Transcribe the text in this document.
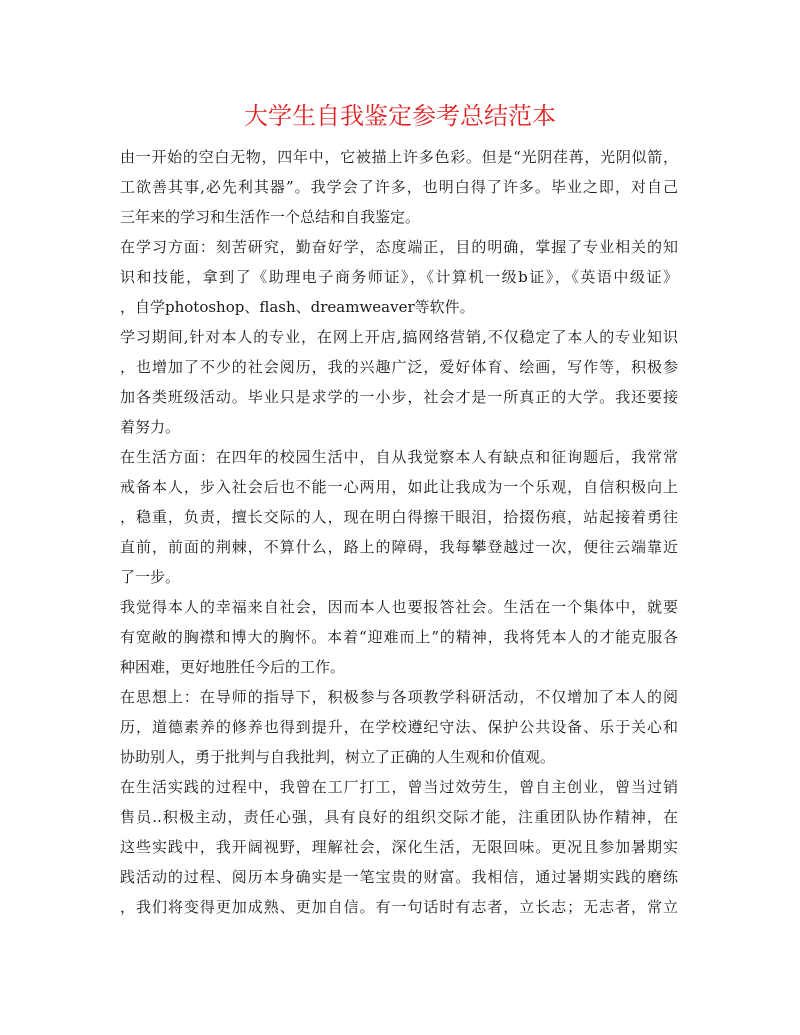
大学生自我鉴定参考总结范本
由一开始的空白无物，四年中，它被描上许多色彩。但是“光阴荏苒，光阴似箭，
工欲善其事,必先利其器”。我学会了许多，也明白得了许多。毕业之即，对自己
三年来的学习和生活作一个总结和自我鉴定。
在学习方面：刻苦研究，勤奋好学，态度端正，目的明确，掌握了专业相关的知
识和技能，拿到了《助理电子商务师证》，《计算机一级b证》，《英语中级证》
，自学photoshop、flash、dreamweaver等软件。
学习期间,针对本人的专业，在网上开店,搞网络营销,不仅稳定了本人的专业知识
，也增加了不少的社会阅历，我的兴趣广泛，爱好体育、绘画，写作等，积极参
加各类班级活动。毕业只是求学的一小步，社会才是一所真正的大学。我还要接
着努力。
在生活方面：在四年的校园生活中，自从我觉察本人有缺点和征询题后，我常常
戒备本人，步入社会后也不能一心两用，如此让我成为一个乐观，自信积极向上
，稳重，负责，擅长交际的人，现在明白得擦干眼泪，拾掇伤痕，站起接着勇往
直前，前面的荆棘，不算什么，路上的障碍，我每攀登越过一次，便往云端靠近
了一步。
我觉得本人的幸福来自社会，因而本人也要报答社会。生活在一个集体中，就要
有宽敞的胸襟和博大的胸怀。本着“迎难而上”的精神，我将凭本人的才能克服各
种困难，更好地胜任今后的工作。
在思想上：在导师的指导下，积极参与各项教学科研活动，不仅增加了本人的阅
历，道德素养的修养也得到提升，在学校遵纪守法、保护公共设备、乐于关心和
协助别人，勇于批判与自我批判，树立了正确的人生观和价值观。
在生活实践的过程中，我曾在工厂打工，曾当过效劳生，曾自主创业，曾当过销
售员..积极主动，责任心强，具有良好的组织交际才能，注重团队协作精神，在
这些实践中，我开阔视野，理解社会，深化生活，无限回味。更况且参加暑期实
践活动的过程、阅历本身确实是一笔宝贵的财富。我相信，通过暑期实践的磨练
，我们将变得更加成熟、更加自信。有一句话时有志者，立长志；无志者，常立
